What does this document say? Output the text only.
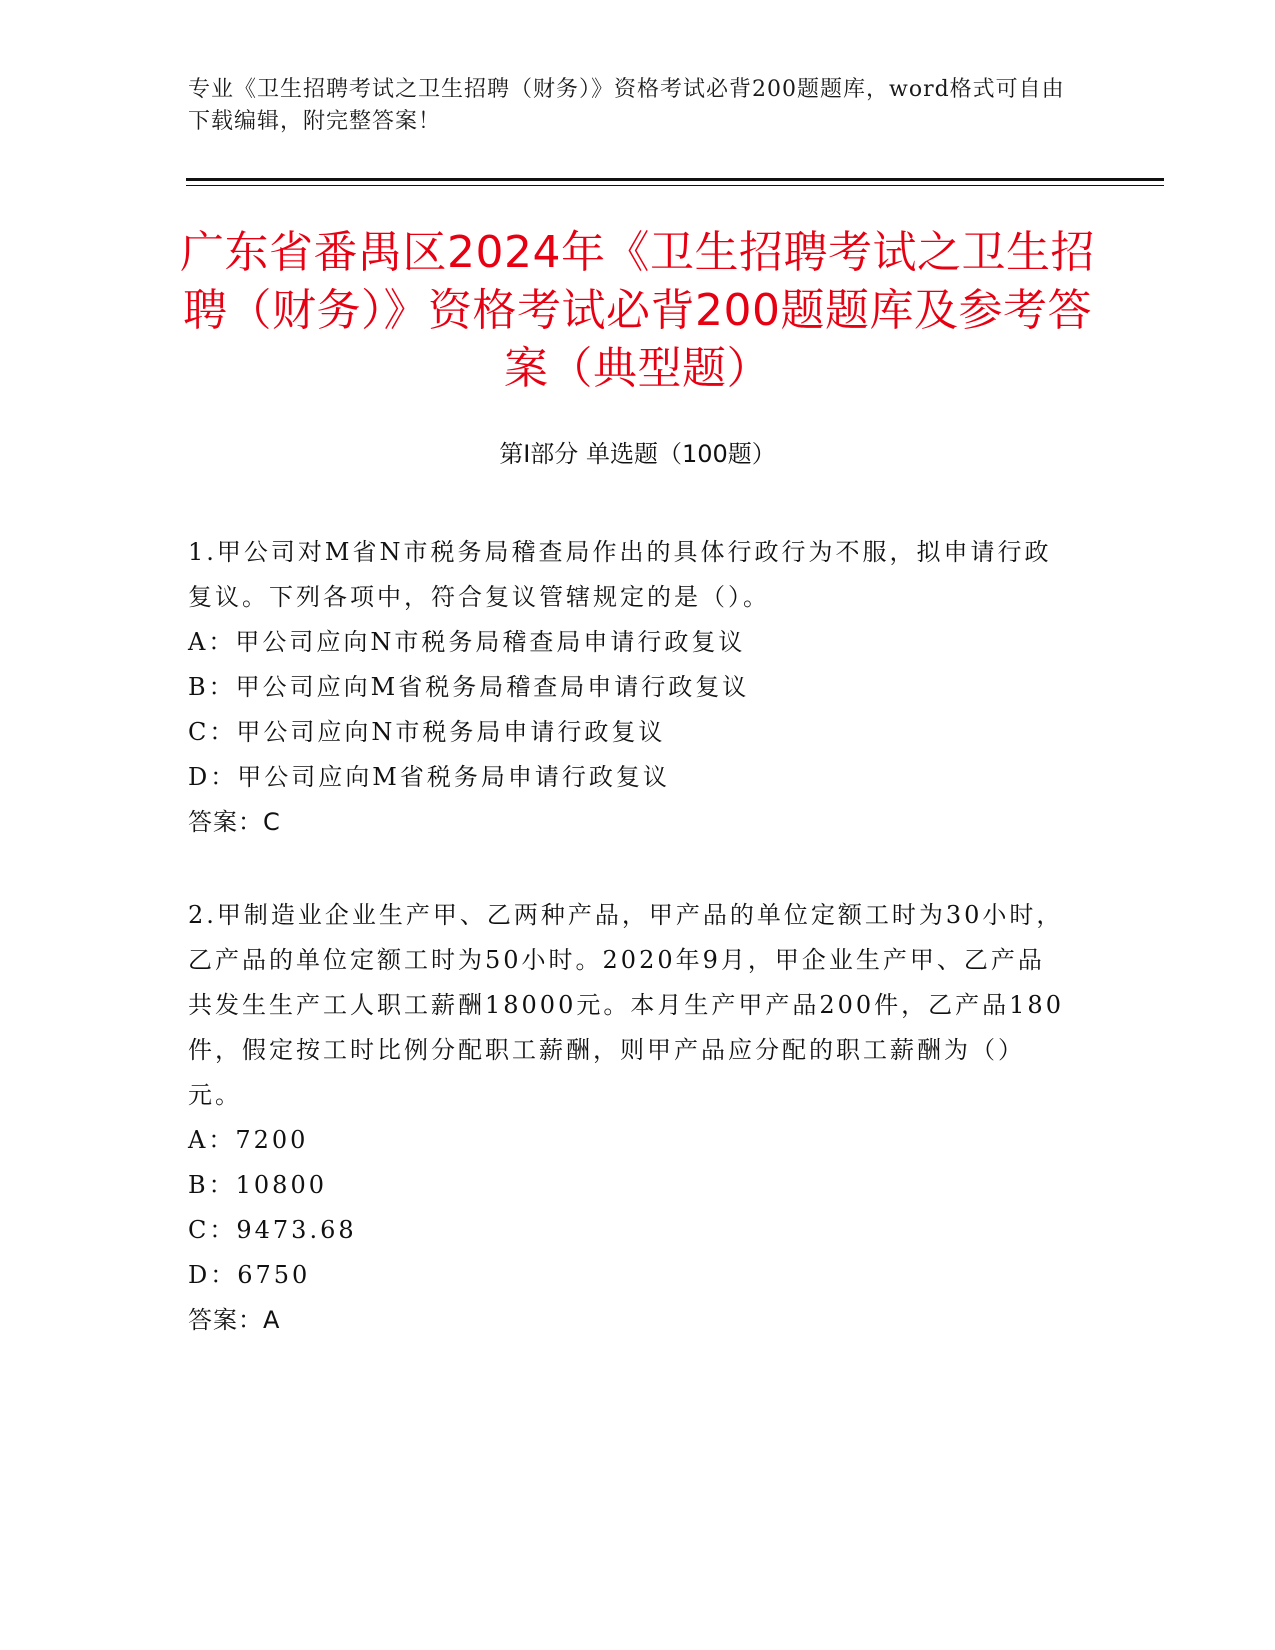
专业《卫生招聘考试之卫生招聘（财务）》资格考试必背200题题库，word格式可自由下载编辑，附完整答案！
广东省番禺区2024年《卫生招聘考试之卫生招聘（财务）》资格考试必背200题题库及参考答案（典型题）
第I部分 单选题（100题）

1.甲公司对M省N市税务局稽查局作出的具体行政行为不服，拟申请行政复议。下列各项中，符合复议管辖规定的是（）。

A：甲公司应向N市税务局稽查局申请行政复议

B：甲公司应向M省税务局稽查局申请行政复议

C：甲公司应向N市税务局申请行政复议

D：甲公司应向M省税务局申请行政复议

答案：C

2.甲制造业企业生产甲、乙两种产品，甲产品的单位定额工时为30小时，乙产品的单位定额工时为50小时。2020年9月，甲企业生产甲、乙产品共发生生产工人职工薪酬18000元。本月生产甲产品200件，乙产品180件，假定按工时比例分配职工薪酬，则甲产品应分配的职工薪酬为（）元。

A：7200

B：10800

C：9473.68

D：6750

答案：A
